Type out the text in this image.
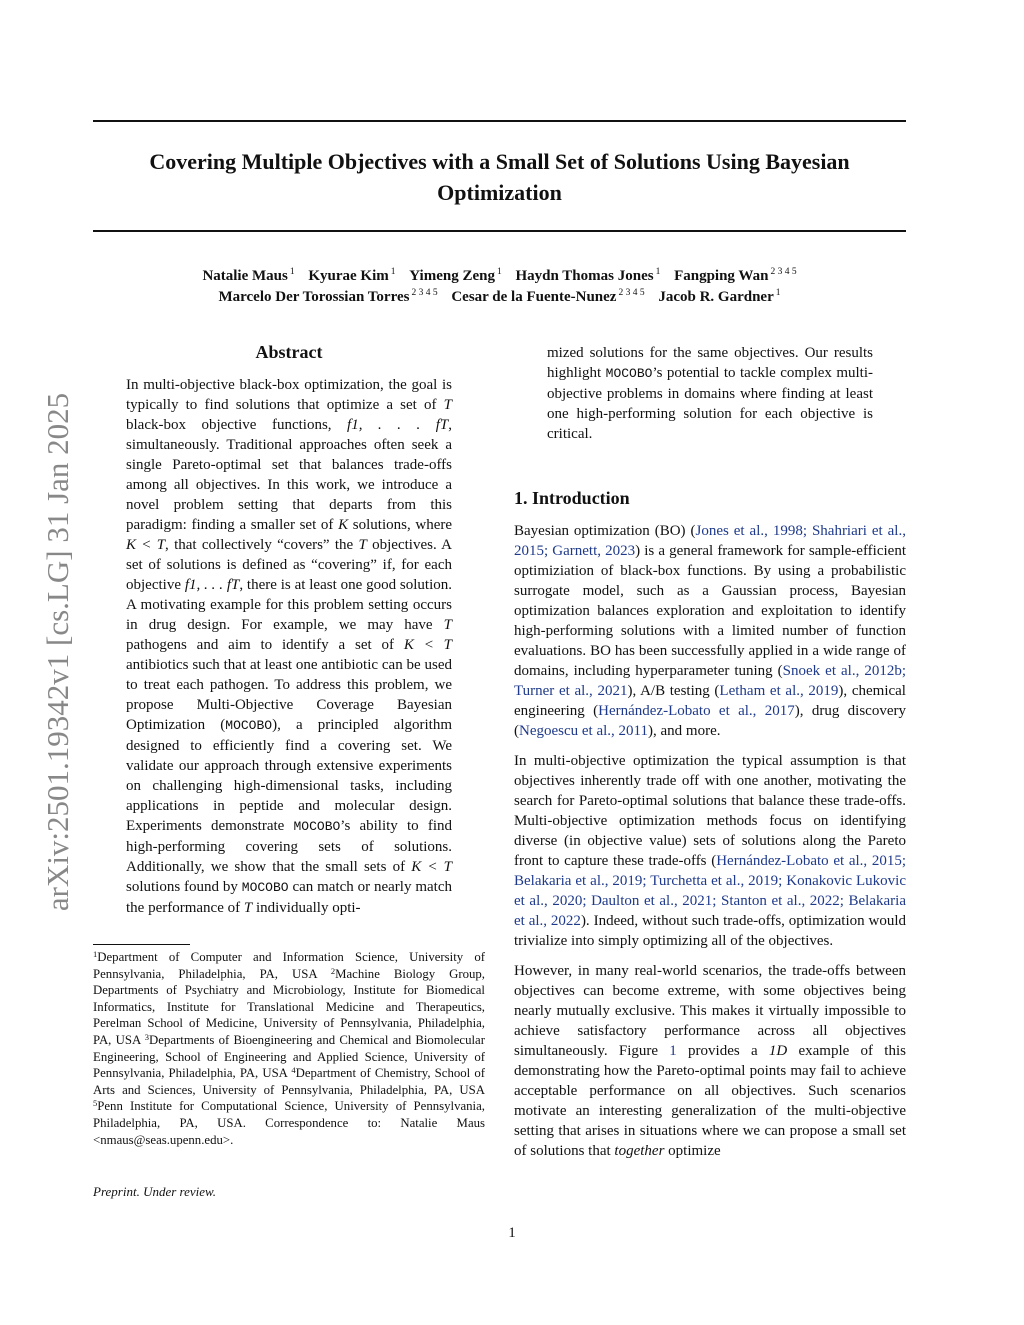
arXiv:2501.19342v1 [cs.LG] 31 Jan 2025
Covering Multiple Objectives with a Small Set of Solutions Using Bayesian
Optimization
Natalie Maus $^1$ Kyurae Kim $^1$ Yimeng Zeng $^1$ Haydn Thomas Jones $^1$ Fangping Wan $^{2 3 4 5}$
Marcelo Der Torossian Torres $^{2 3 4 5}$ Cesar de la Fuente-Nunez $^{2 3 4 5}$ Jacob R. Gardner $^1$
Abstract
In multi-objective black-box optimization, the goal is typically to find solutions that optimize a set of T black-box objective functions, f1, . . . fT, simultaneously. Traditional approaches often seek a single Pareto-optimal set that balances trade-offs among all objectives. In this work, we introduce a novel problem setting that departs from this paradigm: finding a smaller set of K solutions, where K < T, that collectively “covers” the T objectives. A set of solutions is defined as “covering” if, for each objective f1, . . . fT, there is at least one good solution. A motivating example for this problem setting occurs in drug design. For example, we may have T pathogens and aim to identify a set of K < T antibiotics such that at least one antibiotic can be used to treat each pathogen. To address this problem, we propose Multi-Objective Coverage Bayesian Optimization (MOCOBO), a principled algorithm designed to efficiently find a covering set. We validate our approach through extensive experiments on challenging high-dimensional tasks, including applications in peptide and molecular design. Experiments demonstrate MOCOBO’s ability to find high-performing covering sets of solutions. Additionally, we show that the small sets of K < T solutions found by MOCOBO can match or nearly match the performance of T individually opti-
mized solutions for the same objectives. Our results highlight MOCOBO’s potential to tackle complex multi-objective problems in domains where finding at least one high-performing solution for each objective is critical.
1. Introduction

Bayesian optimization (BO) (Jones et al., 1998; Shahriari et al., 2015; Garnett, 2023) is a general framework for sample-efficient optimiziation of black-box functions. By using a probabilistic surrogate model, such as a Gaussian process, Bayesian optimization balances exploration and exploitation to identify high-performing solutions with a limited number of function evaluations. BO has been successfully applied in a wide range of domains, including hyperparameter tuning (Snoek et al., 2012b; Turner et al., 2021), A/B testing (Letham et al., 2019), chemical engineering (Hernández-Lobato et al., 2017), drug discovery (Negoescu et al., 2011), and more.

In multi-objective optimization the typical assumption is that objectives inherently trade off with one another, motivating the search for Pareto-optimal solutions that balance these trade-offs. Multi-objective optimization methods focus on identifying diverse (in objective value) sets of solutions along the Pareto front to capture these trade-offs (Hernández-Lobato et al., 2015; Belakaria et al., 2019; Turchetta et al., 2019; Konakovic Lukovic et al., 2020; Daulton et al., 2021; Stanton et al., 2022; Belakaria et al., 2022). Indeed, without such trade-offs, optimization would trivialize into simply optimizing all of the objectives.

However, in many real-world scenarios, the trade-offs between objectives can become extreme, with some objectives being nearly mutually exclusive. This makes it virtually impossible to achieve satisfactory performance across all objectives simultaneously. Figure 1 provides a 1D example of this demonstrating how the Pareto-optimal points may fail to achieve acceptable performance on all objectives. Such scenarios motivate an interesting generalization of the multi-objective setting that arises in situations where we can propose a small set of solutions that together optimize

$^1$Department of Computer and Information Science, University of Pennsylvania, Philadelphia, PA, USA $^2$Machine Biology Group, Departments of Psychiatry and Microbiology, Institute for Biomedical Informatics, Institute for Translational Medicine and Therapeutics, Perelman School of Medicine, University of Pennsylvania, Philadelphia, PA, USA $^3$Departments of Bioengineering and Chemical and Biomolecular Engineering, School of Engineering and Applied Science, University of Pennsylvania, Philadelphia, PA, USA $^4$Department of Chemistry, School of Arts and Sciences, University of Pennsylvania, Philadelphia, PA, USA $^5$Penn Institute for Computational Science, University of Pennsylvania, Philadelphia, PA, USA. Correspondence to: Natalie Maus <nmaus@seas.upenn.edu>.
Preprint. Under review.
1
